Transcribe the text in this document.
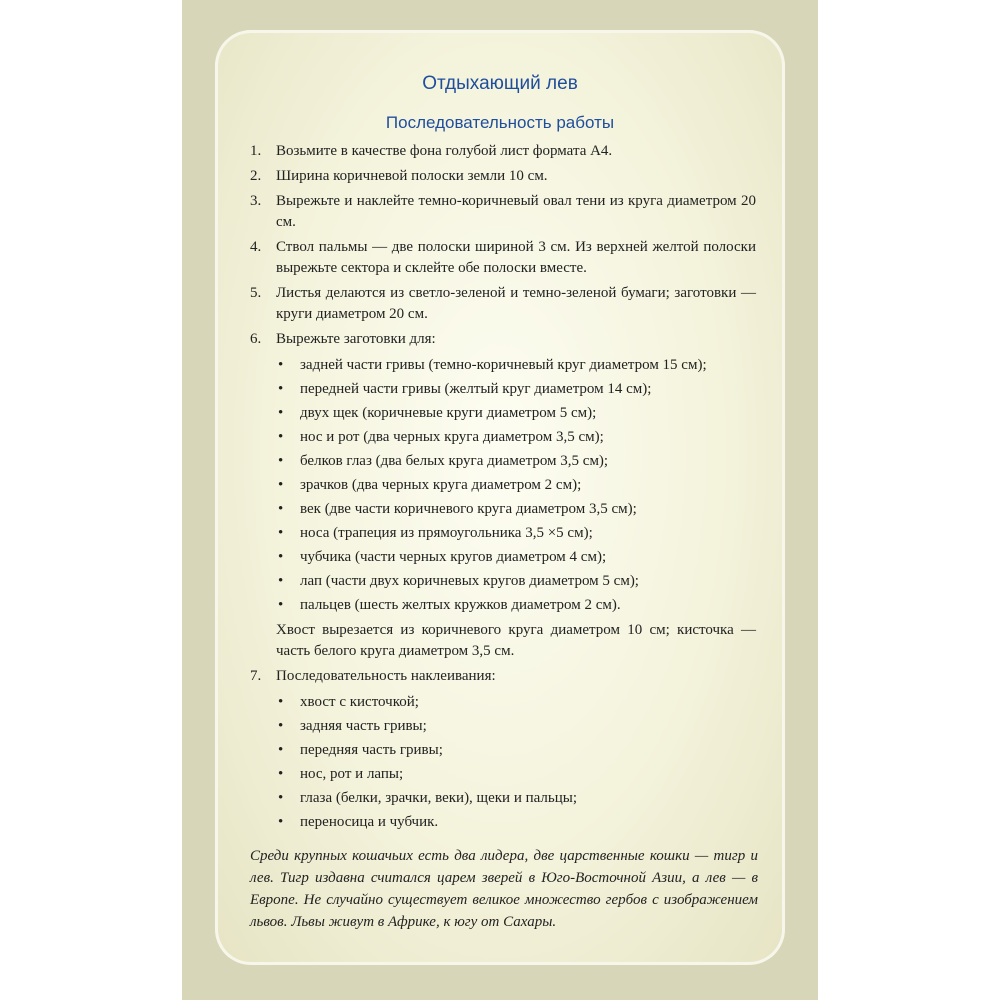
Отдыхающий лев
Последовательность работы
1. Возьмите в качестве фона голубой лист формата А4.
2. Ширина коричневой полоски земли 10 см.
3. Вырежьте и наклейте темно-коричневый овал тени из круга диаметром 20 см.
4. Ствол пальмы — две полоски шириной 3 см. Из верхней желтой полоски вырежьте сектора и склейте обе полоски вместе.
5. Листья делаются из светло-зеленой и темно-зеленой бумаги; заготовки — круги диаметром 20 см.
6. Вырежьте заготовки для:
• задней части гривы (темно-коричневый круг диаметром 15 см);
• передней части гривы (желтый круг диаметром 14 см);
• двух щек (коричневые круги диаметром 5 см);
• нос и рот (два черных круга диаметром 3,5 см);
• белков глаз (два белых круга диаметром 3,5 см);
• зрачков (два черных круга диаметром 2 см);
• век (две части коричневого круга диаметром 3,5 см);
• носа (трапеция из прямоугольника 3,5 ×5 см);
• чубчика (части черных кругов диаметром 4 см);
• лап (части двух коричневых кругов диаметром 5 см);
• пальцев (шесть желтых кружков диаметром 2 см).
Хвост вырезается из коричневого круга диаметром 10 см; кисточка — часть белого круга диаметром 3,5 см.
7. Последовательность наклеивания:
• хвост с кисточкой;
• задняя часть гривы;
• передняя часть гривы;
• нос, рот и лапы;
• глаза (белки, зрачки, веки), щеки и пальцы;
• переносица и чубчик.
Среди крупных кошачьих есть два лидера, две царственные кошки — тигр и лев. Тигр издавна считался царем зверей в Юго-Восточной Азии, а лев — в Европе. Не случайно существует великое множество гербов с изображением львов. Львы живут в Африке, к югу от Сахары.
